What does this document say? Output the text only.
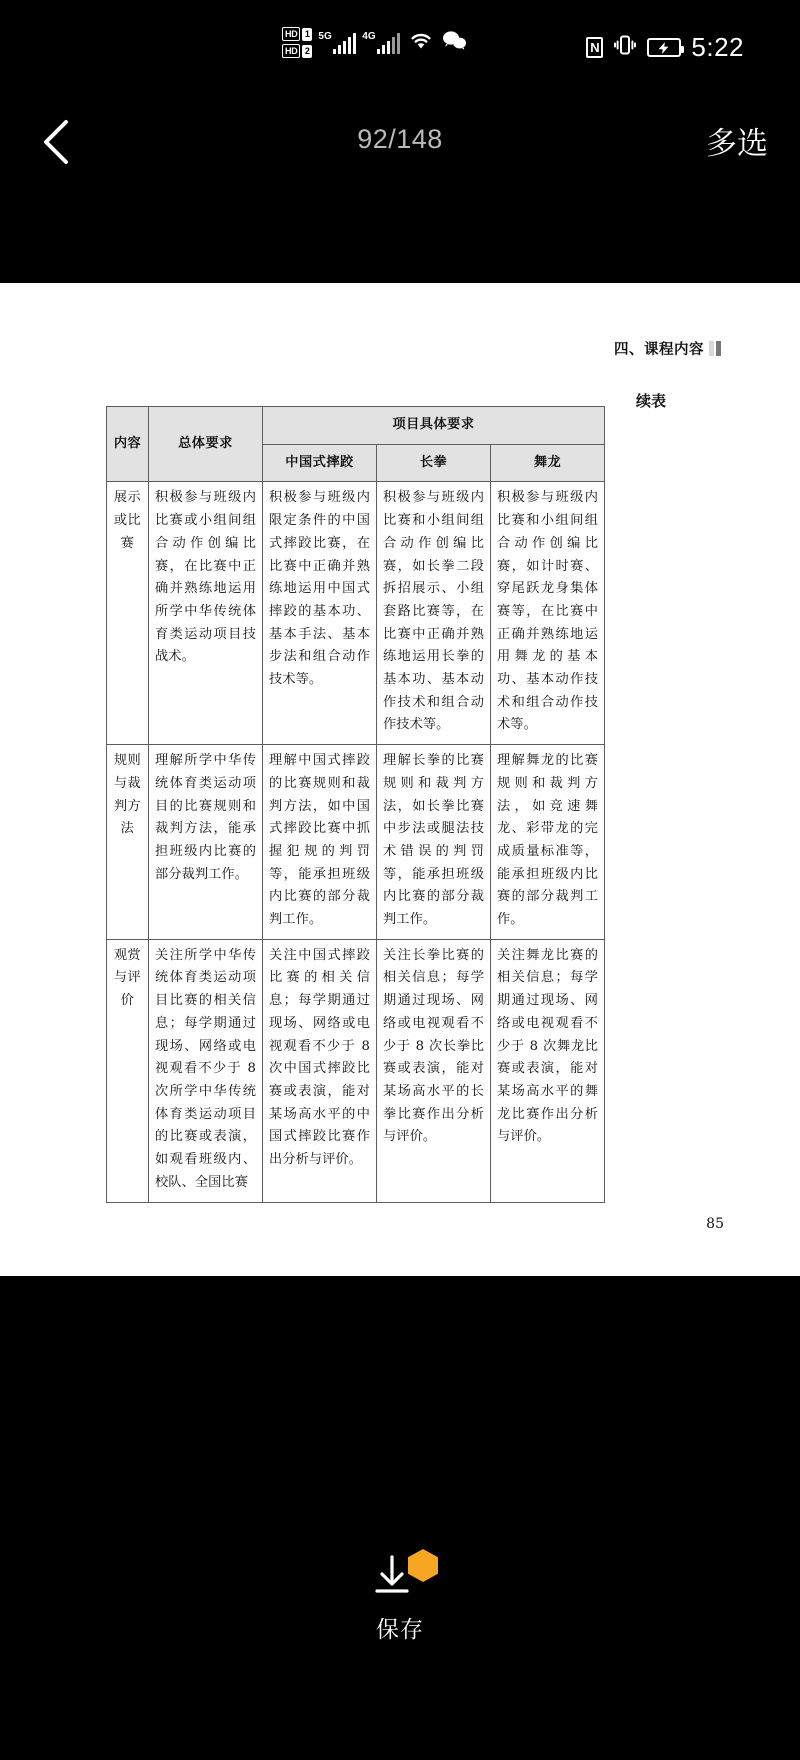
HD 1
HD 2
5G	4G N	5:22
92/148	多选
四、课程内容
续表
内容	总体要求	项目具体要求		
		中国式摔跤	长拳	舞龙
展示或比赛	积极参与班级内比赛或小组间组合动作创编比赛，在比赛中正确并熟练地运用所学中华传统体育类运动项目技战术。	积极参与班级内限定条件的中国式摔跤比赛，在比赛中正确并熟练地运用中国式摔跤的基本功、基本手法、基本步法和组合动作技术等。	积极参与班级内比赛和小组间组合动作创编比赛，如长拳二段拆招展示、小组套路比赛等，在比赛中正确并熟练地运用长拳的基本功、基本动作技术和组合动作技术等。	积极参与班级内比赛和小组间组合动作创编比赛，如计时赛、穿尾跃龙身集体赛等，在比赛中正确并熟练地运用舞龙的基本功、基本动作技术和组合动作技术等。
规则与裁判方法	理解所学中华传统体育类运动项目的比赛规则和裁判方法，能承担班级内比赛的部分裁判工作。	理解中国式摔跤的比赛规则和裁判方法，如中国式摔跤比赛中抓握犯规的判罚等，能承担班级内比赛的部分裁判工作。	理解长拳的比赛规则和裁判方法，如长拳比赛中步法或腿法技术错误的判罚等，能承担班级内比赛的部分裁判工作。	理解舞龙的比赛规则和裁判方法，如竞速舞龙、彩带龙的完成质量标准等，能承担班级内比赛的部分裁判工作。
观赏与评价	关注所学中华传统体育类运动项目比赛的相关信息；每学期通过现场、网络或电视观看不少于 8 次所学中华传统体育类运动项目的比赛或表演，如观看班级内、校队、全国比赛	关注中国式摔跤比赛的相关信息；每学期通过现场、网络或电视观看不少于 8 次中国式摔跤比赛或表演，能对某场高水平的中国式摔跤比赛作出分析与评价。	关注长拳比赛的相关信息；每学期通过现场、网络或电视观看不少于 8 次长拳比赛或表演，能对某场高水平的长拳比赛作出分析与评价。	关注舞龙比赛的相关信息；每学期通过现场、网络或电视观看不少于 8 次舞龙比赛或表演，能对某场高水平的舞龙比赛作出分析与评价。
85
保存
